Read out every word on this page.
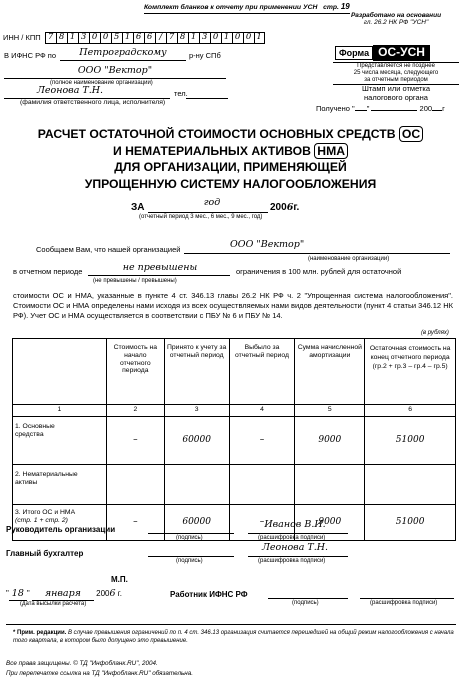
Комплект бланков к отчету при применении УСН стр. 19
ИНН / КПП 7 8 1 3 0 0 5 1 6 6 / 7 8 1 3 0 1 0 0 1
Разработано на основании
гл. 26.2 НК РФ "УСН"
Форма ОС-УСН
Представляется не позднее
25 числа месяца, следующего
за отчетным периодом
Штамп или отметка
налогового органа
Получено " "	200 г
В ИФНС РФ по	Петроградскому	р-ну СПб
ООО "Вектор"
(полное наименование организации)
Леонова Т.Н.	тел.
(фамилия ответственного лица, исполнителя)
РАСЧЕТ ОСТАТОЧНОЙ СТОИМОСТИ ОСНОВНЫХ СРЕДСТВ ОС
И НЕМАТЕРИАЛЬНЫХ АКТИВОВ НМА
ДЛЯ ОРГАНИЗАЦИИ, ПРИМЕНЯЮЩЕЙ
УПРОЩЕННУЮ СИСТЕМУ НАЛОГООБЛОЖЕНИЯ
ЗА	год	2006г.
(отчетный период 3 мес., 6 мес., 9 мес., год)
Сообщаем Вам, что нашей организацией	ООО "Вектор"
(наименование организации)
в отчетном периоде	не превышены	ограничения в 100 млн. рублей для остаточной
(не превышены / превышены)
стоимости ОС и НМА, указанные в пункте 4 ст. 346.13 главы 26.2 НК РФ ч. 2 "Упрощенная система налогообложения". Стоимости ОС и НМА определены нами исходя из всех осуществляемых нами видов деятельности (пункт 4 статьи 346.12 НК РФ). Учет ОС и НМА осуществляется в соответствии с ПБУ № 6 и ПБУ № 14.
(в рублях)
	Стоимость на начало отчетного периода	Принято к учету за отчетный период	Выбыло за отчетный период	Сумма начисленной амортизации	Остаточная стоимость на конец отчетного периода (гр.2 + гр.3 – гр.4 – гр.5)
1	2	3	4	5	6
1. Основные средства	–	60000	–	9000	51000
2. Нематериальные активы					

3. Итого ОС и НМА
(стр. 1 + стр. 2)	–	60000	–	9000	51000
Руководитель организации
(подпись)
Иванов В.И.
(расшифровка подписи)
Главный бухгалтер
(подпись)
Леонова Т.Н.
(расшифровка подписи)
М.П.
" 18 " января 2006 г.
(дата высылки расчета)
Работник ИФНС РФ
(подпись)	(расшифровка подписи)
* Прим. редакции. В случае превышения ограничений по п. 4 ст. 346.13 организация считается перешедшей на общий режим налогообложения с начала того квартала, в котором было допущено это превышение.
Все права защищены. © ТД "Инфобланк.RU", 2004.
При перепечатке ссылка на ТД "Инфобланк.RU" обязательна.
